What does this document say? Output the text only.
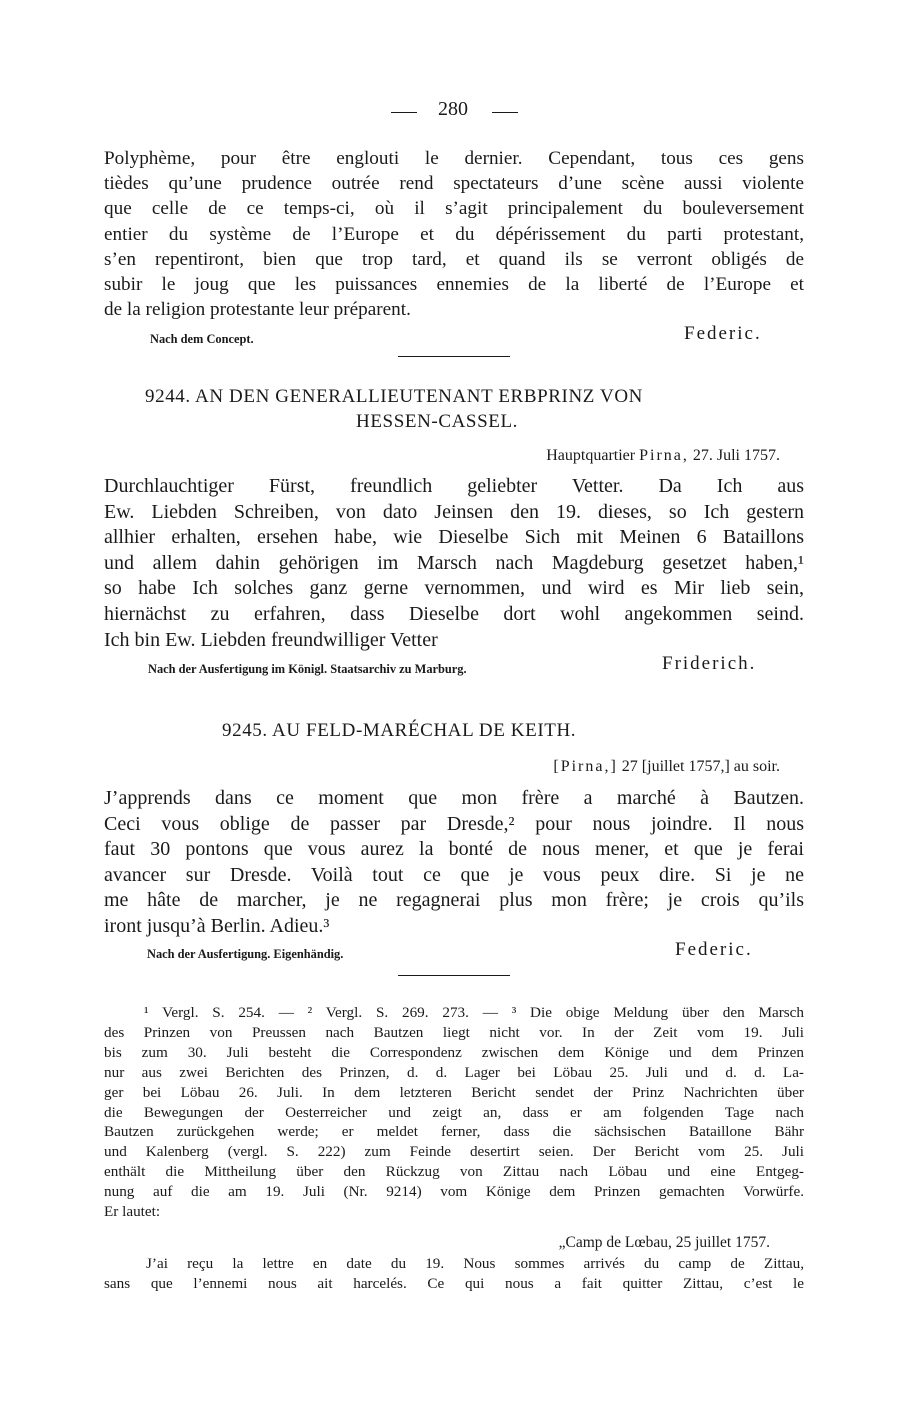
280
Polyphème, pour être englouti le dernier. Cependant, tous ces gens
tièdes qu’une prudence outrée rend spectateurs d’une scène aussi violente
que celle de ce temps-ci, où il s’agit principalement du bouleversement
entier du système de l’Europe et du dépérissement du parti protestant,
s’en repentiront, bien que trop tard, et quand ils se verront obligés de
subir le joug que les puissances ennemies de la liberté de l’Europe et
de la religion protestante leur préparent.
Nach dem Concept.	Federic.
9244. AN DEN GENERALLIEUTENANT ERBPRINZ VON
HESSEN-CASSEL.
Hauptquartier Pirna, 27. Juli 1757.
Durchlauchtiger Fürst, freundlich geliebter Vetter. Da Ich aus
Ew. Liebden Schreiben, von dato Jeinsen den 19. dieses, so Ich gestern
allhier erhalten, ersehen habe, wie Dieselbe Sich mit Meinen 6 Bataillons
und allem dahin gehörigen im Marsch nach Magdeburg gesetzet haben,¹
so habe Ich solches ganz gerne vernommen, und wird es Mir lieb sein,
hiernächst zu erfahren, dass Dieselbe dort wohl angekommen seind.
Ich bin Ew. Liebden freundwilliger Vetter
Nach der Ausfertigung im Königl. Staatsarchiv zu Marburg.	Friderich.
9245. AU FELD-MARÉCHAL DE KEITH.
[Pirna,] 27 [juillet 1757,] au soir.
J’apprends dans ce moment que mon frère a marché à Bautzen.
Ceci vous oblige de passer par Dresde,² pour nous joindre. Il nous
faut 30 pontons que vous aurez la bonté de nous mener, et que je ferai
avancer sur Dresde. Voilà tout ce que je vous peux dire. Si je ne
me hâte de marcher, je ne regagnerai plus mon frère; je crois qu’ils
iront jusqu’à Berlin. Adieu.³
Nach der Ausfertigung. Eigenhändig.	Federic.
¹ Vergl. S. 254. — ² Vergl. S. 269. 273. — ³ Die obige Meldung über den Marsch
des Prinzen von Preussen nach Bautzen liegt nicht vor. In der Zeit vom 19. Juli
bis zum 30. Juli besteht die Correspondenz zwischen dem Könige und dem Prinzen
nur aus zwei Berichten des Prinzen, d. d. Lager bei Löbau 25. Juli und d. d. La-
ger bei Löbau 26. Juli. In dem letzteren Bericht sendet der Prinz Nachrichten über
die Bewegungen der Oesterreicher und zeigt an, dass er am folgenden Tage nach
Bautzen zurückgehen werde; er meldet ferner, dass die sächsischen Bataillone Bähr
und Kalenberg (vergl. S. 222) zum Feinde desertirt seien. Der Bericht vom 25. Juli
enthält die Mittheilung über den Rückzug von Zittau nach Löbau und eine Entgeg-
nung auf die am 19. Juli (Nr. 9214) vom Könige dem Prinzen gemachten Vorwürfe.
Er lautet:
„Camp de Lœbau, 25 juillet 1757.
J’ai reçu la lettre en date du 19. Nous sommes arrivés du camp de Zittau,
sans que l’ennemi nous ait harcelés. Ce qui nous a fait quitter Zittau, c’est le
